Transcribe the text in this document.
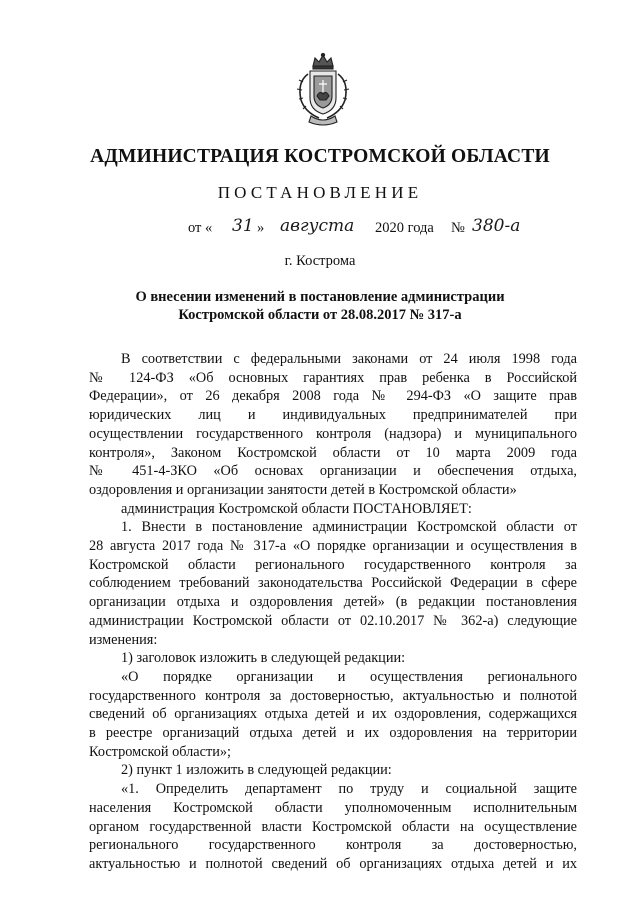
АДМИНИСТРАЦИЯ КОСТРОМСКОЙ ОБЛАСТИ
ПОСТАНОВЛЕНИЕ
от « 31 » августа 2020 года № 380-а
г. Кострома
О внесении изменений в постановление администрации
Костромской области от 28.08.2017 № 317-а

В соответствии с федеральными законами от 24 июля 1998 года

№ 124-ФЗ «Об основных гарантиях прав ребенка в Российской

Федерации», от 26 декабря 2008 года № 294-ФЗ «О защите прав

юридических лиц и индивидуальных предпринимателей при

осуществлении государственного контроля (надзора) и муниципального

контроля», Законом Костромской области от 10 марта 2009 года

№ 451-4-ЗКО «Об основах организации и обеспечения отдыха,

оздоровления и организации занятости детей в Костромской области»

администрация Костромской области ПОСТАНОВЛЯЕТ:

1. Внести в постановление администрации Костромской области от

28 августа 2017 года № 317-а «О порядке организации и осуществления в

Костромской области регионального государственного контроля за

соблюдением требований законодательства Российской Федерации в сфере

организации отдыха и оздоровления детей» (в редакции постановления

администрации Костромской области от 02.10.2017 № 362-а) следующие

изменения:

1) заголовок изложить в следующей редакции:

«О порядке организации и осуществления регионального

государственного контроля за достоверностью, актуальностью и полнотой

сведений об организациях отдыха детей и их оздоровления, содержащихся

в реестре организаций отдыха детей и их оздоровления на территории

Костромской области»;

2) пункт 1 изложить в следующей редакции:

«1. Определить департамент по труду и социальной защите

населения Костромской области уполномоченным исполнительным

органом государственной власти Костромской области на осуществление

регионального государственного контроля за достоверностью,

актуальностью и полнотой сведений об организациях отдыха детей и их
